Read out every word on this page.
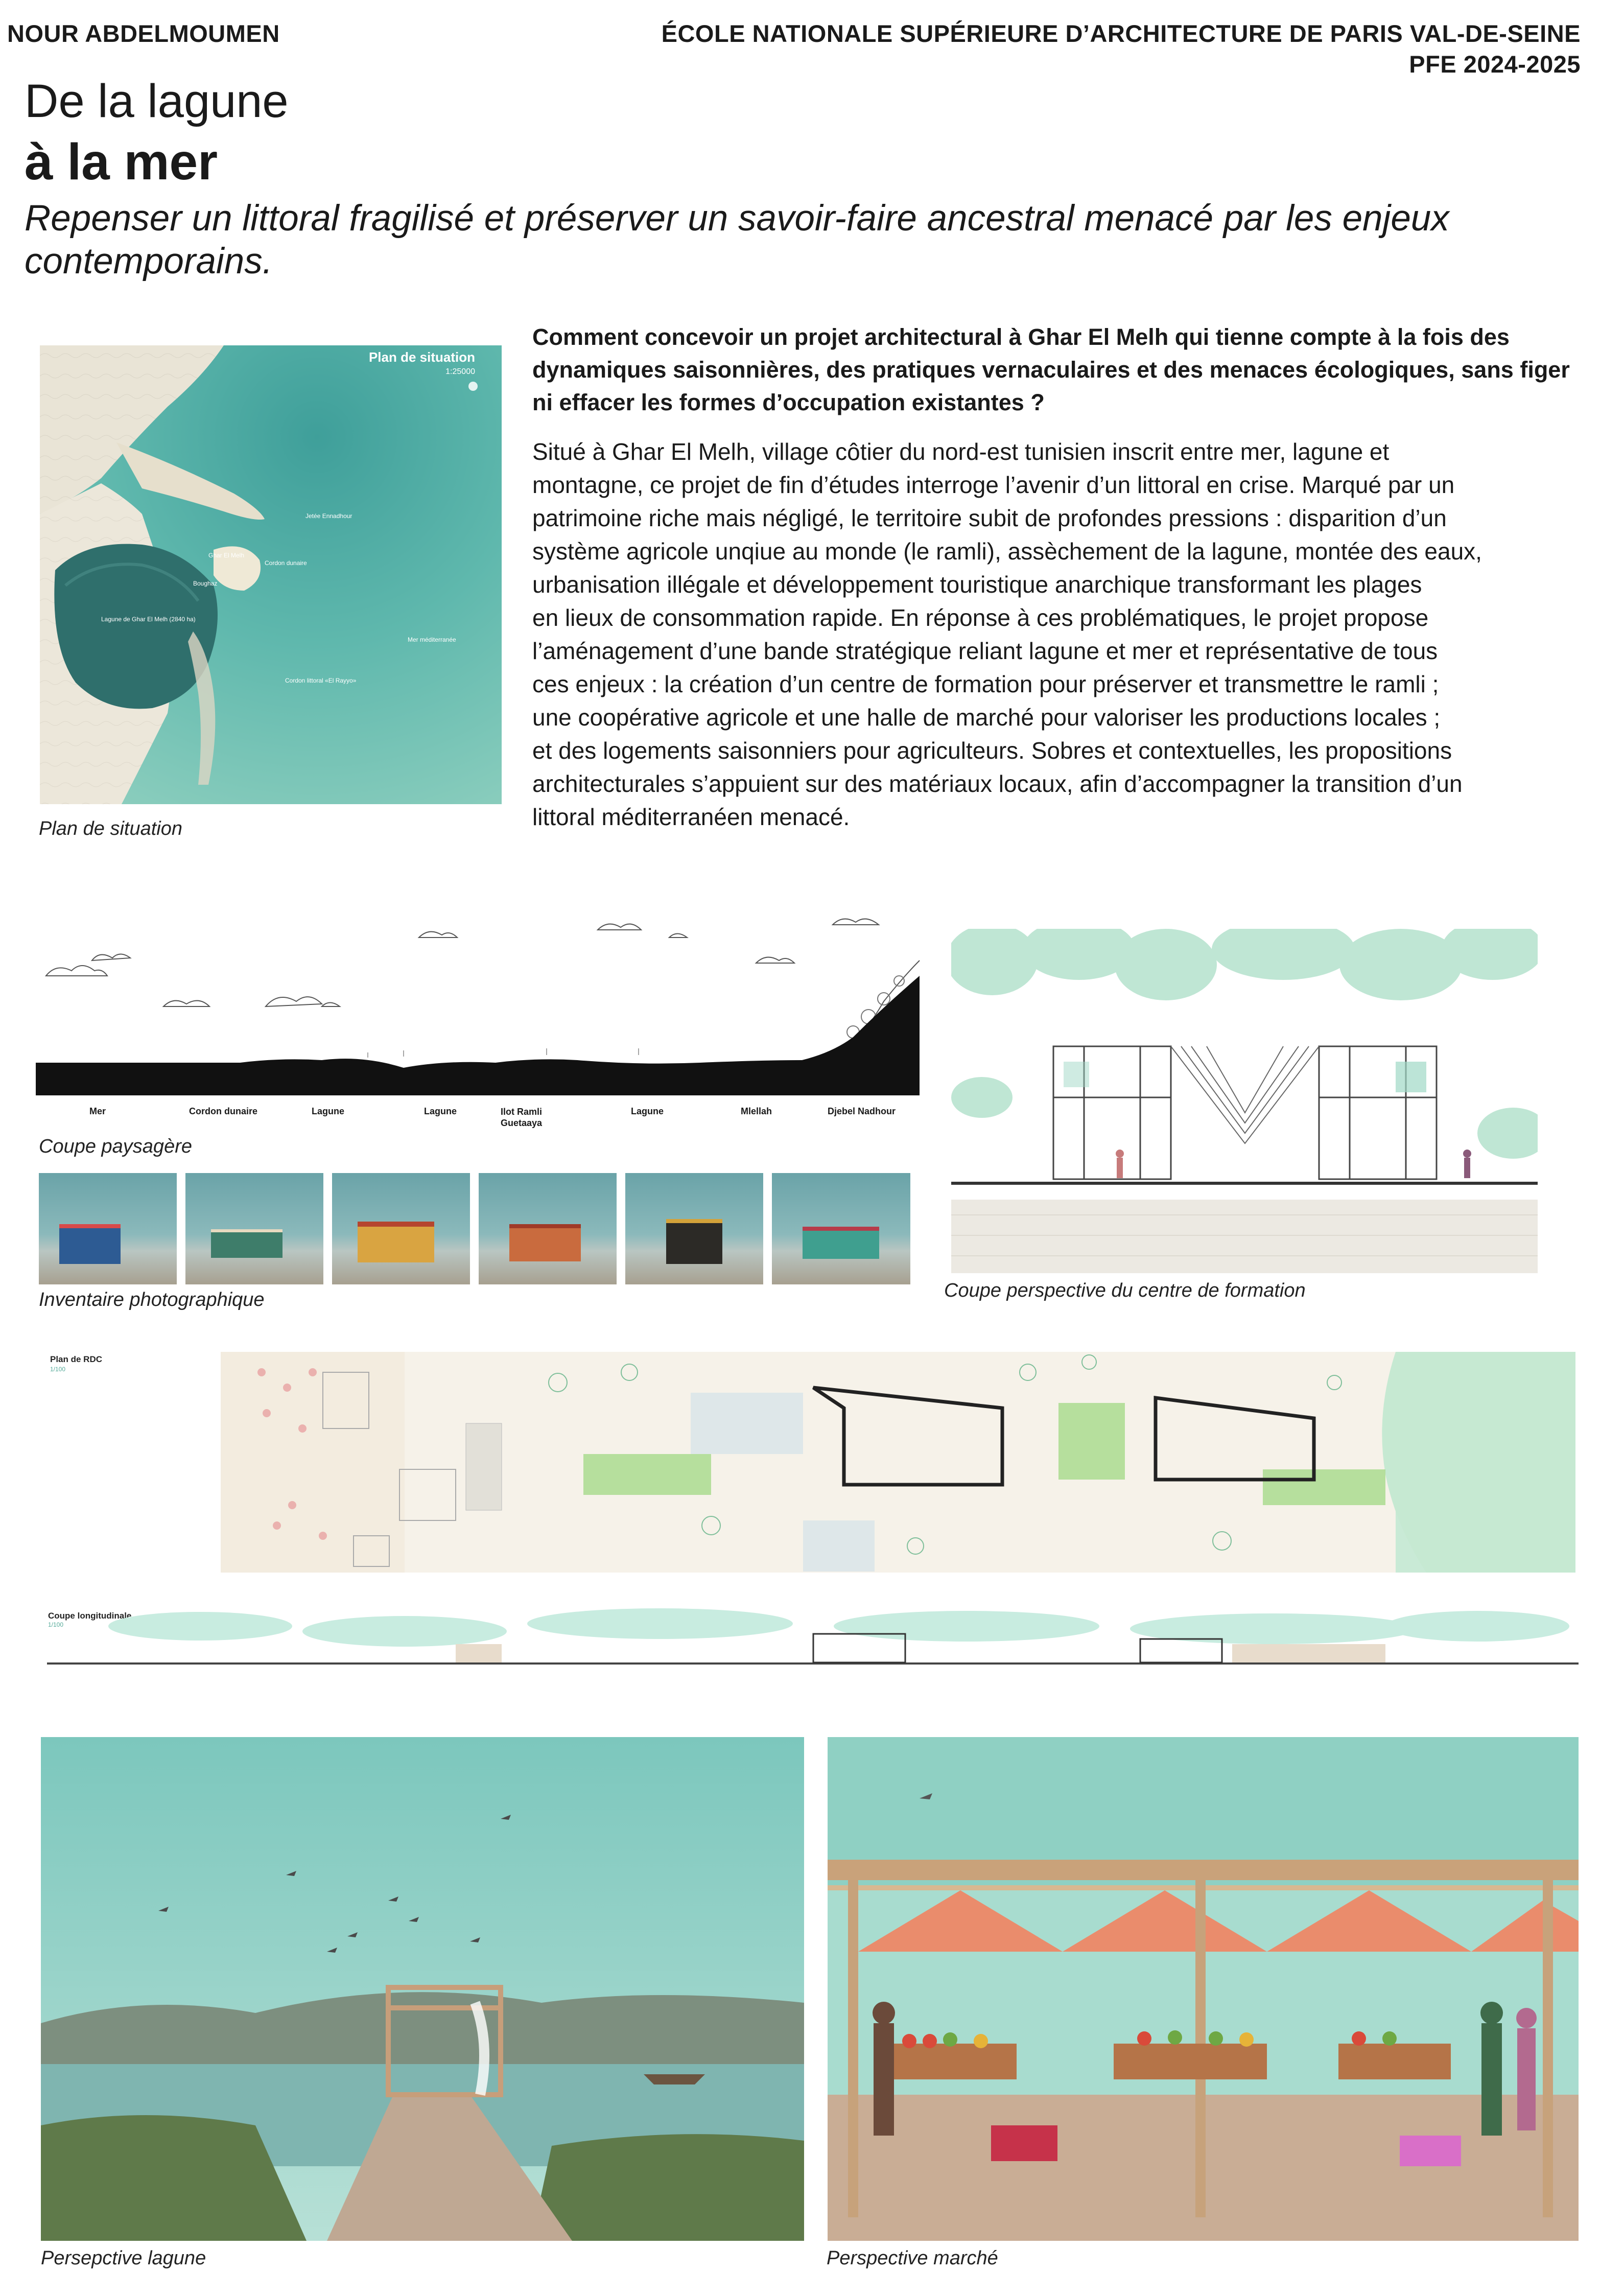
NOUR ABDELMOUMEN	ÉCOLE NATIONALE SUPÉRIEURE D’ARCHITECTURE DE PARIS VAL-DE-SEINE
PFE 2024-2025
De la lagune
à la mer
Repenser un littoral fragilisé et préserver un savoir-faire ancestral menacé par les enjeux contemporains.
Plan de situation
1:25000
Jetée Ennadhour
Ghar El Melh
Cordon dunaire
Boughaz
Lagune de Ghar El Melh (2840 ha)
Mer méditerranée
Cordon littoral «El Rayyo»
Plan de situation
Comment concevoir un projet architectural à Ghar El Melh qui tienne compte à la fois des dynamiques saisonnières, des pratiques vernaculaires et des menaces écologiques, sans figer ni effacer les formes d’occupation existantes ?
Situé à Ghar El Melh, village côtier du nord-est tunisien inscrit entre mer, lagune et
montagne, ce projet de fin d’études interroge l’avenir d’un littoral en crise. Marqué par un
patrimoine riche mais négligé, le territoire subit de profondes pressions : disparition d’un
système agricole unqiue au monde (le ramli), assèchement de la lagune, montée des eaux,
urbanisation illégale et développement touristique anarchique transformant les plages
en lieux de consommation rapide. En réponse à ces problématiques, le projet propose
l’aménagement d’une bande stratégique reliant lagune et mer et représentative de tous
ces enjeux : la création d’un centre de formation pour préserver et transmettre le ramli ;
une coopérative agricole et une halle de marché pour valoriser les productions locales ;
et des logements saisonniers pour agriculteurs. Sobres et contextuelles, les propositions
architecturales s’appuient sur des matériaux locaux, afin d’accompagner la transition d’un
littoral méditerranéen menacé.
Mer	Cordon dunaire	Lagune	Lagune	Ilot Ramli Guetaaya
Lagune	Mlellah	Djebel Nadhour
Coupe paysagère
Inventaire photographique	Coupe perspective du centre de formation
Plan de RDC
1/100
Coupe longitudinale
1/100
Persepctive lagune	Perspective marché
